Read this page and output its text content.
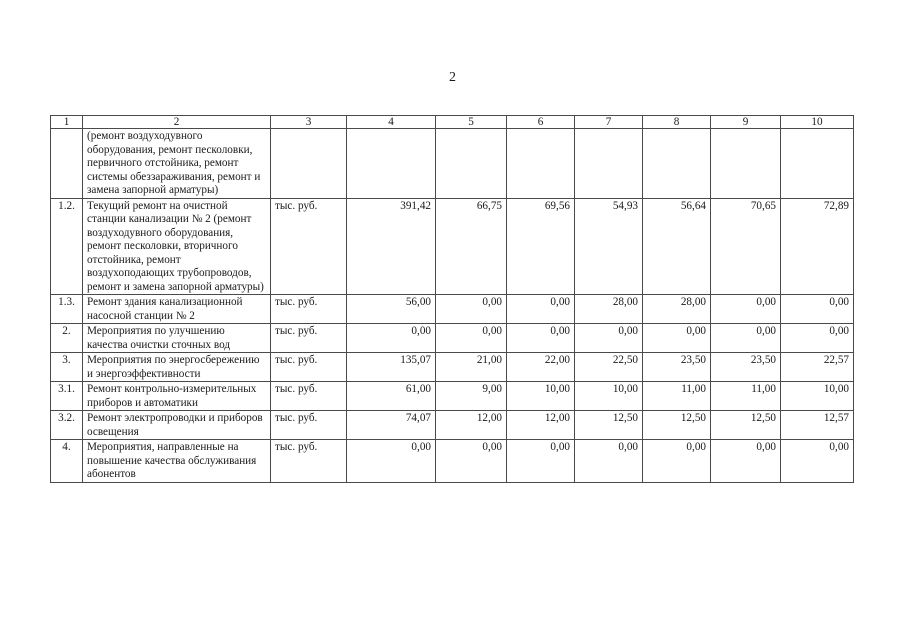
2
1	2	3	4	5	6	7	8	9	10
	(ремонт воздуходувного оборудования, ремонт песколовки, первичного отстойника, ремонт системы обеззараживания, ремонт и замена запорной арматуры)								
1.2.	Текущий ремонт на очистной станции канализации № 2 (ремонт воздуходувного оборудования, ремонт песколовки, вторичного отстойника, ремонт воздухоподающих трубопроводов, ремонт и замена запорной арматуры)	тыс. руб.	391,42	66,75	69,56	54,93	56,64	70,65	72,89
1.3.	Ремонт здания канализационной насосной станции № 2	тыс. руб.	56,00	0,00	0,00	28,00	28,00	0,00	0,00
2.	Мероприятия по улучшению качества очистки сточных вод	тыс. руб.	0,00	0,00	0,00	0,00	0,00	0,00	0,00
3.	Мероприятия по энергосбережению и энергоэффективности	тыс. руб.	135,07	21,00	22,00	22,50	23,50	23,50	22,57
3.1.	Ремонт контрольно-измерительных приборов и автоматики	тыс. руб.	61,00	9,00	10,00	10,00	11,00	11,00	10,00
3.2.	Ремонт электропроводки и приборов освещения	тыс. руб.	74,07	12,00	12,00	12,50	12,50	12,50	12,57
4.	Мероприятия, направленные на повышение качества обслуживания абонентов	тыс. руб.	0,00	0,00	0,00	0,00	0,00	0,00	0,00
